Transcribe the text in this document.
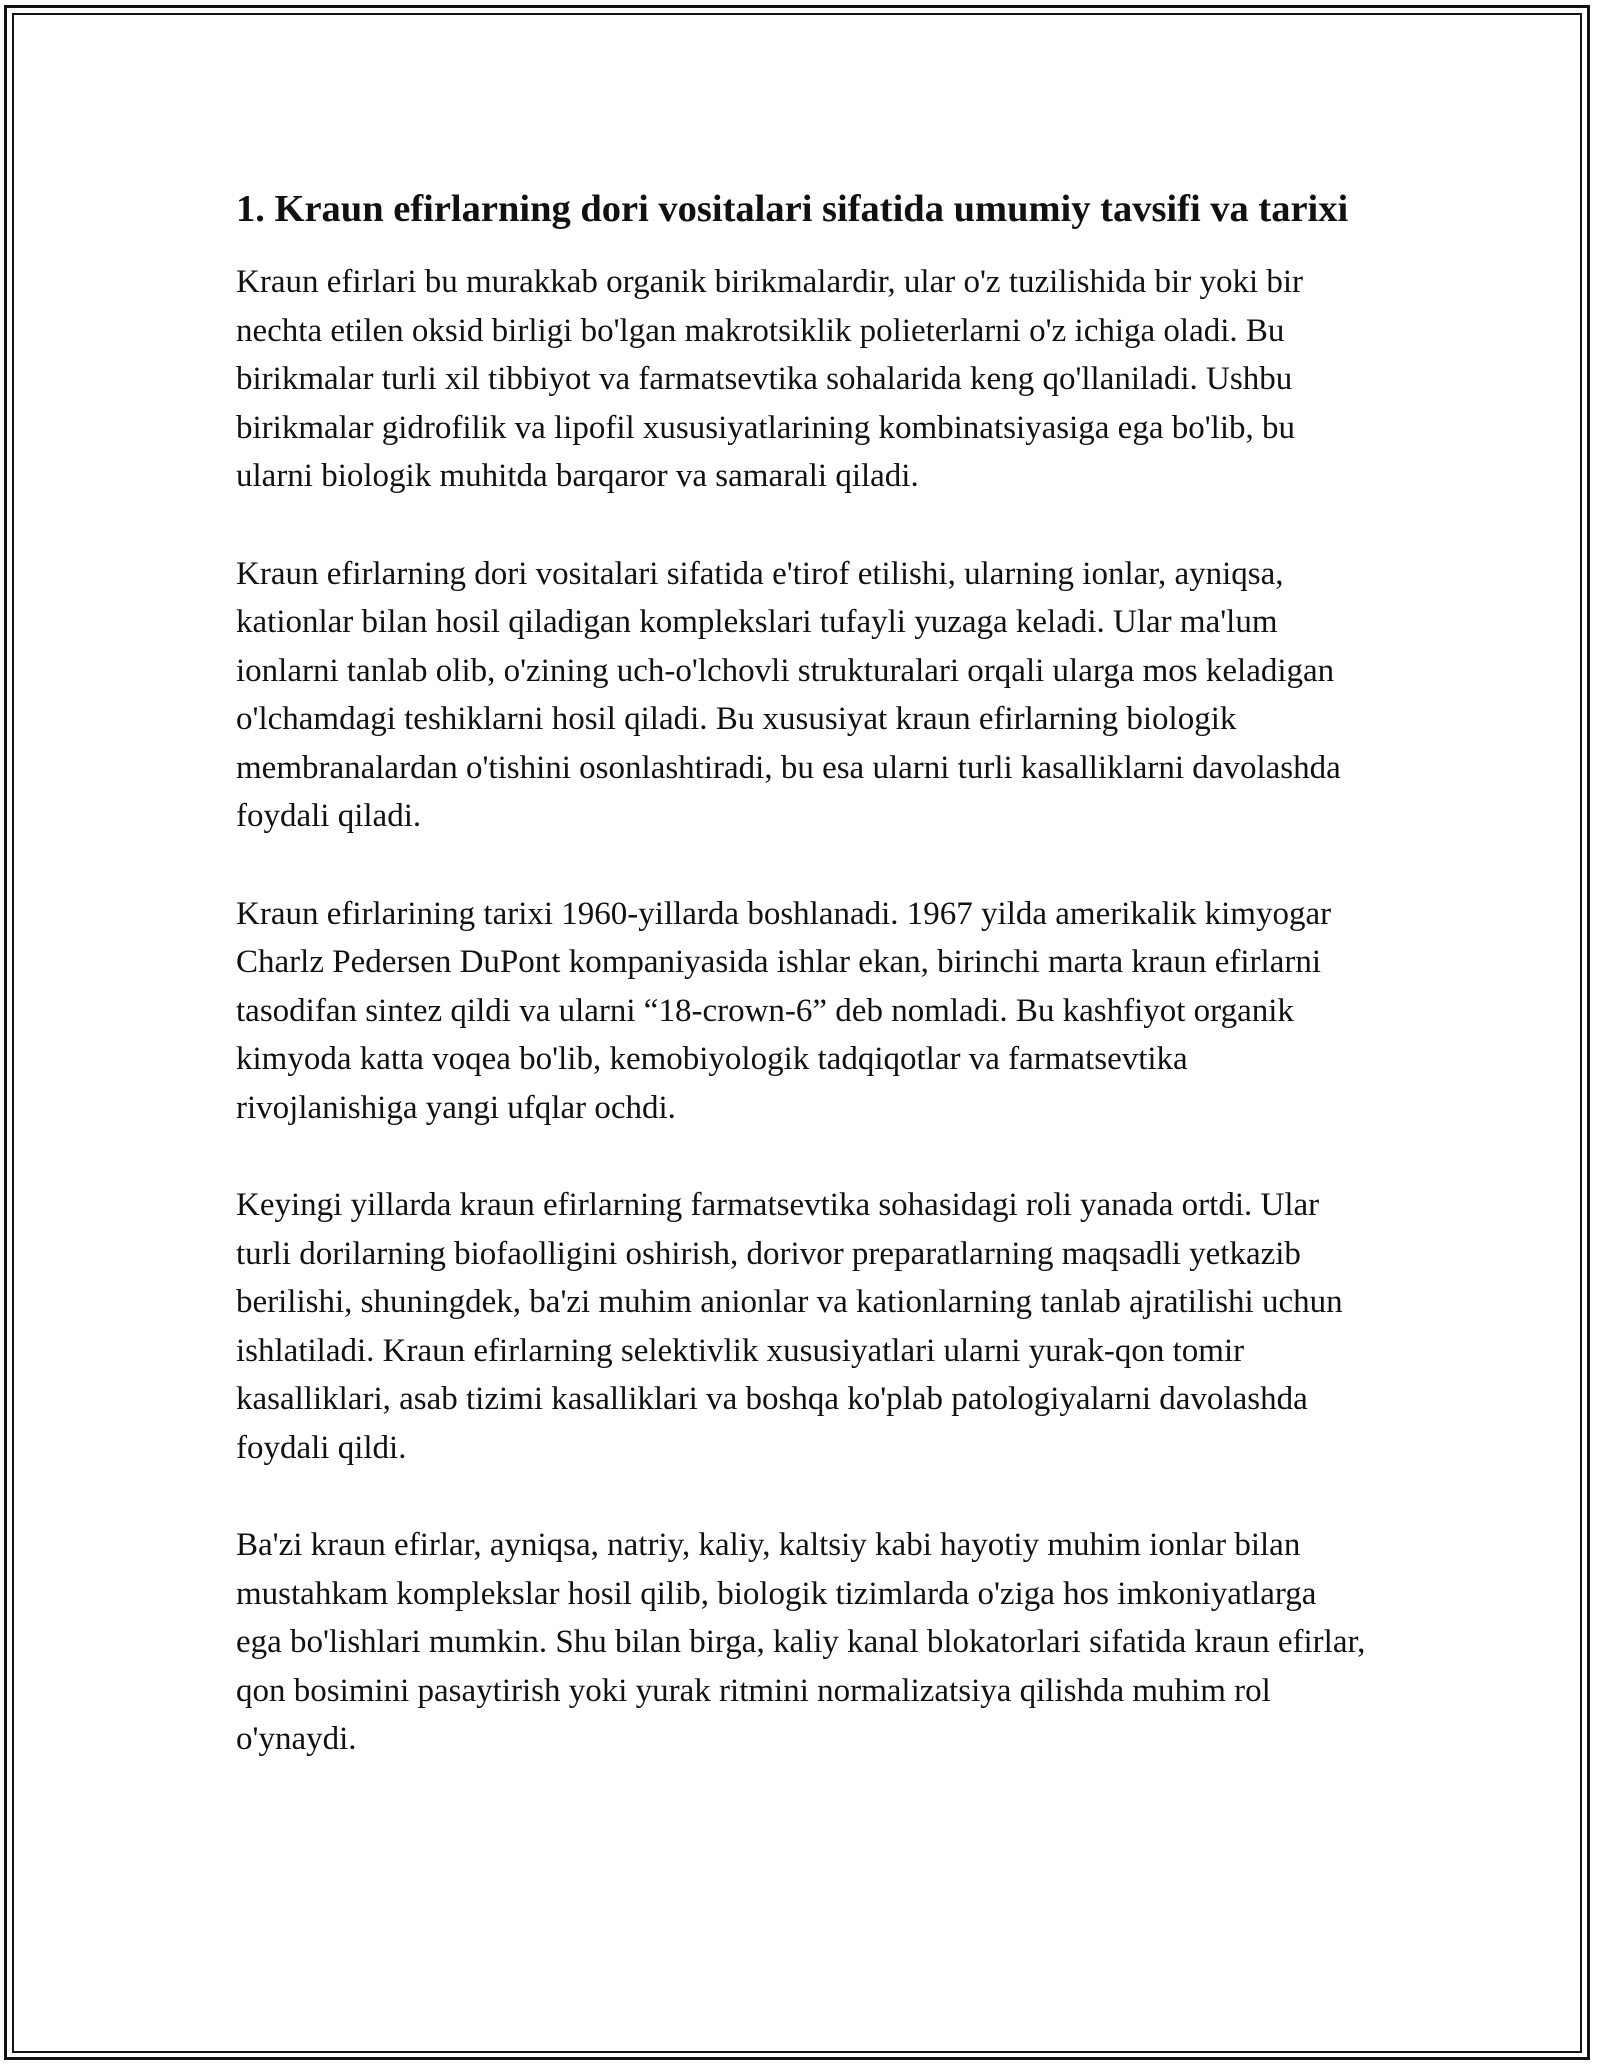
1. Kraun efirlarning dori vositalari sifatida umumiy tavsifi va tarixi

Kraun efirlari bu murakkab organik birikmalardir, ular o'z tuzilishida bir yoki bir nechta etilen oksid birligi bo'lgan makrotsiklik polieterlarni o'z ichiga oladi. Bu birikmalar turli xil tibbiyot va farmatsevtika sohalarida keng qo'llaniladi. Ushbu birikmalar gidrofilik va lipofil xususiyatlarining kombinatsiyasiga ega bo'lib, bu ularni biologik muhitda barqaror va samarali qiladi.

Kraun efirlarning dori vositalari sifatida e'tirof etilishi, ularning ionlar, ayniqsa, kationlar bilan hosil qiladigan komplekslari tufayli yuzaga keladi. Ular ma'lum ionlarni tanlab olib, o'zining uch-o'lchovli strukturalari orqali ularga mos keladigan o'lchamdagi teshiklarni hosil qiladi. Bu xususiyat kraun efirlarning biologik membranalardan o'tishini osonlashtiradi, bu esa ularni turli kasalliklarni davolashda foydali qiladi.

Kraun efirlarining tarixi 1960-yillarda boshlanadi. 1967 yilda amerikalik kimyogar Charlz Pedersen DuPont kompaniyasida ishlar ekan, birinchi marta kraun efirlarni tasodifan sintez qildi va ularni “18-crown-6” deb nomladi. Bu kashfiyot organik kimyoda katta voqea bo'lib, kemobiyologik tadqiqotlar va farmatsevtika rivojlanishiga yangi ufqlar ochdi.

Keyingi yillarda kraun efirlarning farmatsevtika sohasidagi roli yanada ortdi. Ular turli dorilarning biofaolligini oshirish, dorivor preparatlarning maqsadli yetkazib berilishi, shuningdek, ba'zi muhim anionlar va kationlarning tanlab ajratilishi uchun ishlatiladi. Kraun efirlarning selektivlik xususiyatlari ularni yurak-qon tomir kasalliklari, asab tizimi kasalliklari va boshqa ko'plab patologiyalarni davolashda foydali qildi.

Ba'zi kraun efirlar, ayniqsa, natriy, kaliy, kaltsiy kabi hayotiy muhim ionlar bilan mustahkam komplekslar hosil qilib, biologik tizimlarda o'ziga hos imkoniyatlarga ega bo'lishlari mumkin. Shu bilan birga, kaliy kanal blokatorlari sifatida kraun efirlar, qon bosimini pasaytirish yoki yurak ritmini normalizatsiya qilishda muhim rol o'ynaydi.
